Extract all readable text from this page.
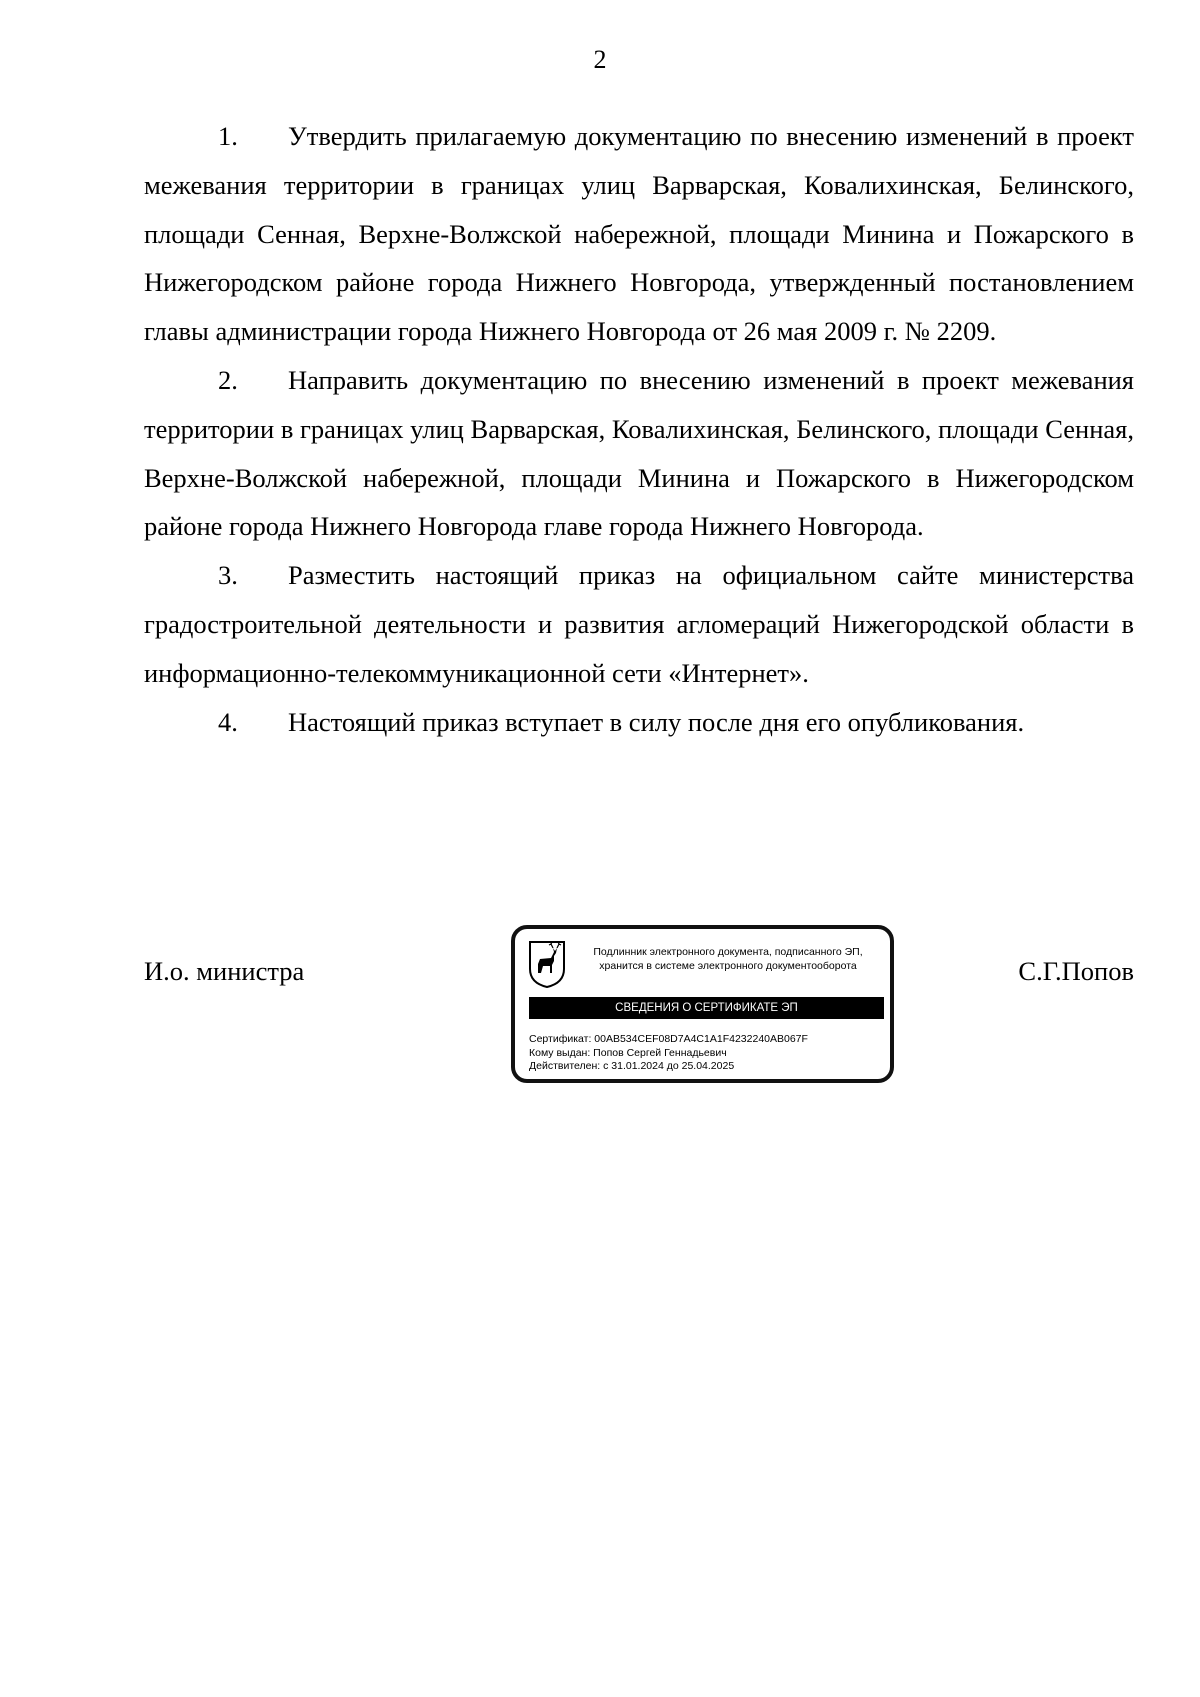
2

1. Утвердить прилагаемую документацию по внесению изменений в проект межевания территории в границах улиц Варварская, Ковалихинская, Белинского, площади Сенная, Верхне-Волжской набережной, площади Минина и Пожарского в Нижегородском районе города Нижнего Новгорода, утвержденный постановлением главы администрации города Нижнего Новгорода от 26 мая 2009 г. № 2209.

2. Направить документацию по внесению изменений в проект межевания территории в границах улиц Варварская, Ковалихинская, Белинского, площади Сенная, Верхне-Волжской набережной, площади Минина и Пожарского в Нижегородском районе города Нижнего Новгорода главе города Нижнего Новгорода.

3. Разместить настоящий приказ на официальном сайте министерства градостроительной деятельности и развития агломераций Нижегородской области в информационно-телекоммуникационной сети «Интернет».

4. Настоящий приказ вступает в силу после дня его опубликования.

И.о. министра
Подлинник электронного документа, подписанного ЭП,
хранится в системе электронного документооборота
СВЕДЕНИЯ О СЕРТИФИКАТЕ ЭП
Сертификат: 00AB534CEF08D7A4C1A1F4232240AB067F
Кому выдан: Попов Сергей Геннадьевич
Действителен: с 31.01.2024 до 25.04.2025
С.Г.Попов
